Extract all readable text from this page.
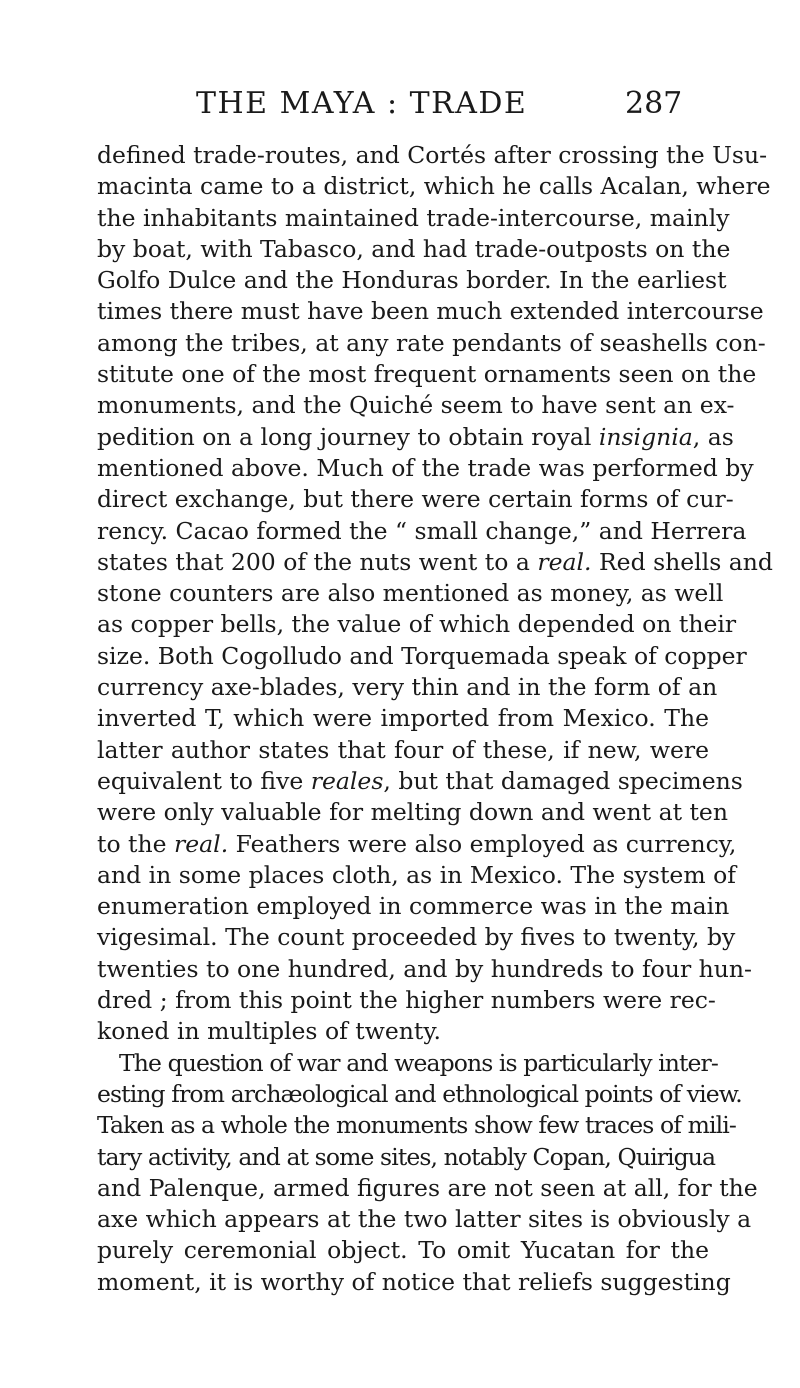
THE MAYA : TRADE	287
defined trade-routes, and Cortés after crossing the Usu-
macinta came to a district, which he calls Acalan, where
the inhabitants maintained trade-intercourse, mainly
by boat, with Tabasco, and had trade-outposts on the
Golfo Dulce and the Honduras border. In the earliest
times there must have been much extended intercourse
among the tribes, at any rate pendants of seashells con-
stitute one of the most frequent ornaments seen on the
monuments, and the Quiché seem to have sent an ex-
pedition on a long journey to obtain royal insignia, as
mentioned above. Much of the trade was performed by
direct exchange, but there were certain forms of cur-
rency. Cacao formed the “ small change,” and Herrera
states that 200 of the nuts went to a real. Red shells and
stone counters are also mentioned as money, as well
as copper bells, the value of which depended on their
size. Both Cogolludo and Torquemada speak of copper
currency axe-blades, very thin and in the form of an
inverted T, which were imported from Mexico. The
latter author states that four of these, if new, were
equivalent to five reales, but that damaged specimens
were only valuable for melting down and went at ten
to the real. Feathers were also employed as currency,
and in some places cloth, as in Mexico. The system of
enumeration employed in commerce was in the main
vigesimal. The count proceeded by fives to twenty, by
twenties to one hundred, and by hundreds to four hun-
dred ; from this point the higher numbers were rec-
koned in multiples of twenty.
The question of war and weapons is particularly inter-
esting from archæological and ethnological points of view.
Taken as a whole the monuments show few traces of mili-
tary activity, and at some sites, notably Copan, Quirigua
and Palenque, armed figures are not seen at all, for the
axe which appears at the two latter sites is obviously a
purely ceremonial object. To omit Yucatan for the
moment, it is worthy of notice that reliefs suggesting
